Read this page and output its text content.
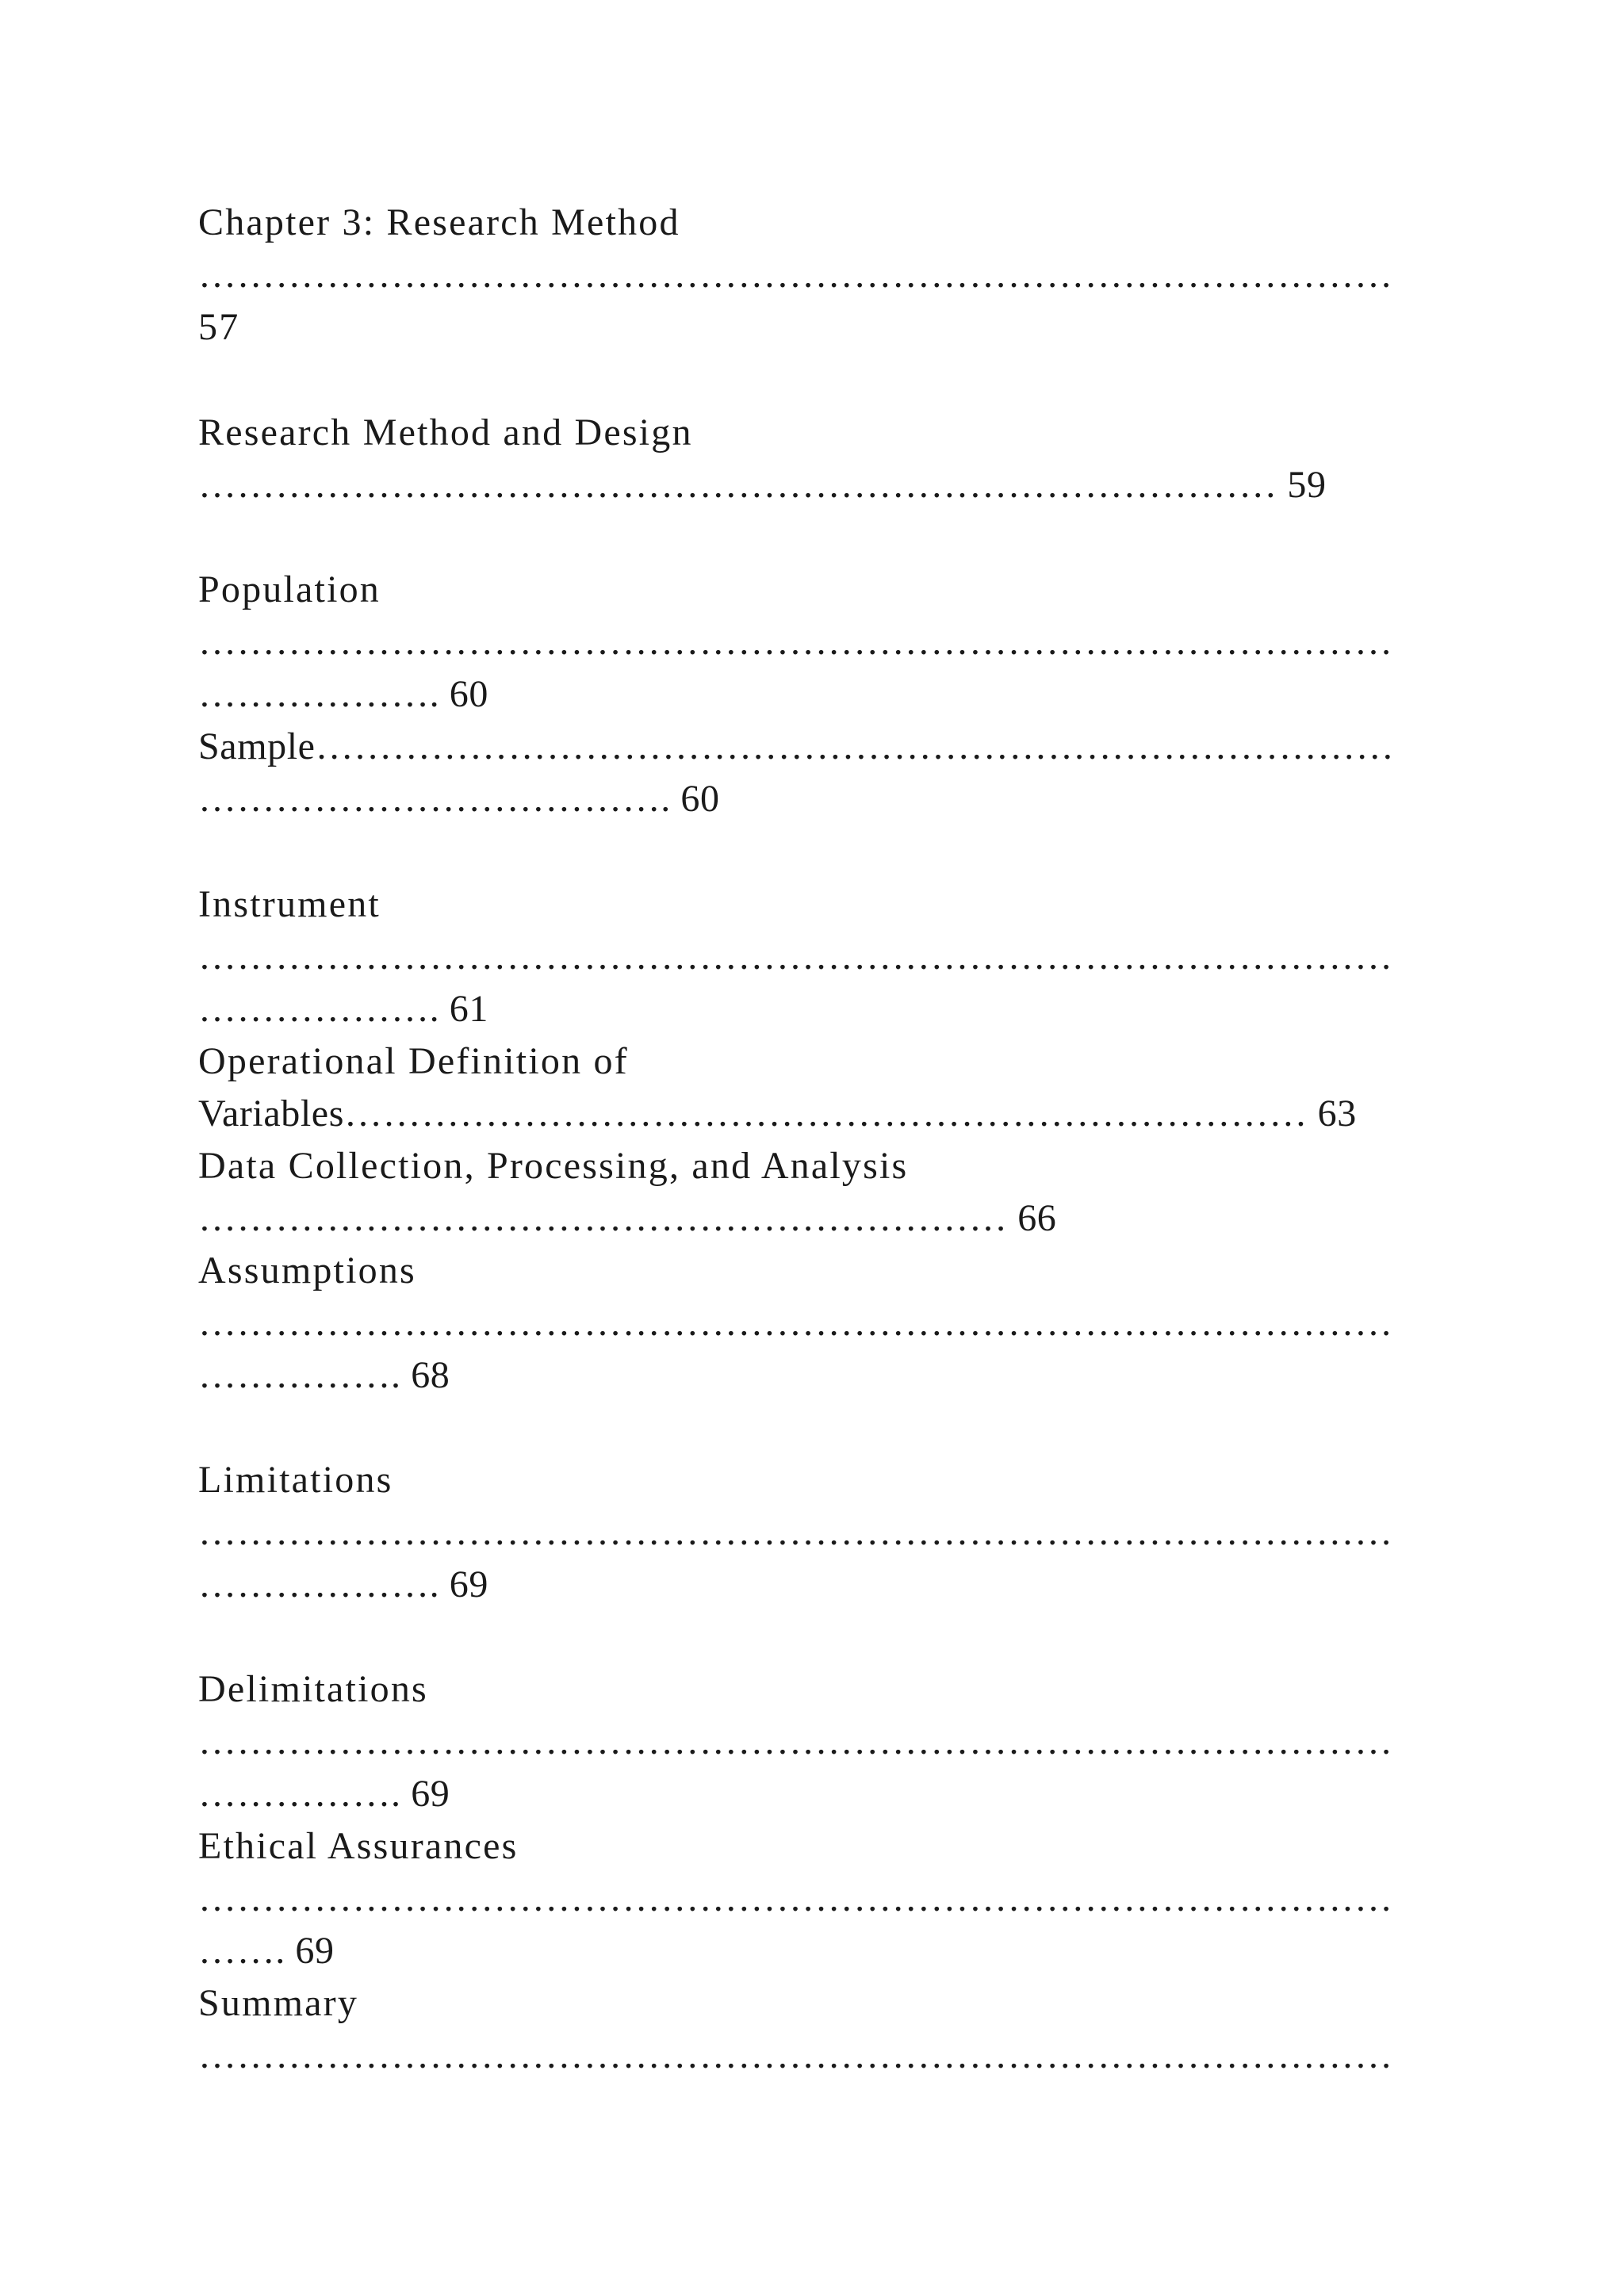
Chapter 3: Research Method

…………………………………………………………………………………

57

Research Method and Design

………………………………………………………………………… 59

Population

…………………………………………………………………………………

………………. 60

Sample…………………………………………………………………………

………………………………. 60

Instrument

…………………………………………………………………………………

………………. 61

Operational Definition of

Variables………………………………………………………………… 63

Data Collection, Processing, and Analysis

……………………………………………………… 66

Assumptions

…………………………………………………………………………………

……………. 68

Limitations

…………………………………………………………………………………

………………. 69

Delimitations

…………………………………………………………………………………

……………. 69

Ethical Assurances

…………………………………………………………………………………

……. 69

Summary

…………………………………………………………………………………
